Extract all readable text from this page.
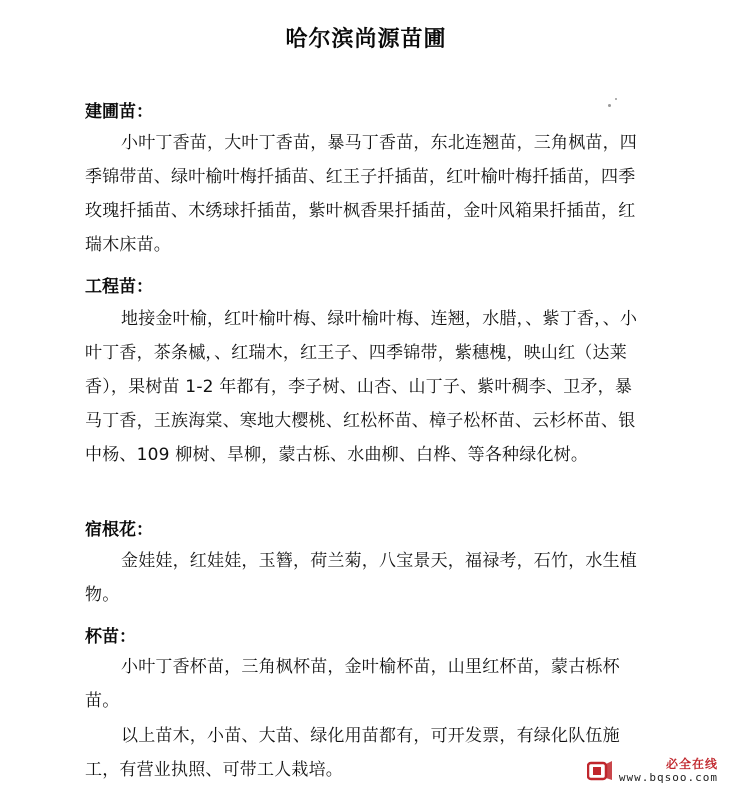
哈尔滨尚源苗圃
建圃苗：
小叶丁香苗，大叶丁香苗，暴马丁香苗，东北连翘苗，三角枫苗，四季锦带苗、绿叶榆叶梅扦插苗、红王子扦插苗，红叶榆叶梅扦插苗，四季玫瑰扦插苗、木绣球扦插苗，紫叶枫香果扦插苗，金叶风箱果扦插苗，红瑞木床苗。
工程苗：
地接金叶榆，红叶榆叶梅、绿叶榆叶梅、连翘，水腊，、紫丁香，、小叶丁香，茶条槭，、红瑞木，红王子、四季锦带，紫穗槐，映山红（达莱香），果树苗 1-2 年都有，李子树、山杏、山丁子、紫叶稠李、卫矛，暴马丁香，王族海棠、寒地大樱桃、红松杯苗、樟子松杯苗、云杉杯苗、银中杨、109 柳树、旱柳，蒙古栎、水曲柳、白桦、等各种绿化树。
宿根花：
金娃娃，红娃娃，玉簪，荷兰菊，八宝景天，福禄考，石竹，水生植物。
杯苗：
小叶丁香杯苗，三角枫杯苗，金叶榆杯苗，山里红杯苗，蒙古栎杯苗。
以上苗木，小苗、大苗、绿化用苗都有，可开发票，有绿化队伍施工，有营业执照、可带工人栽培。	必全在线
www.bqsoo.com
